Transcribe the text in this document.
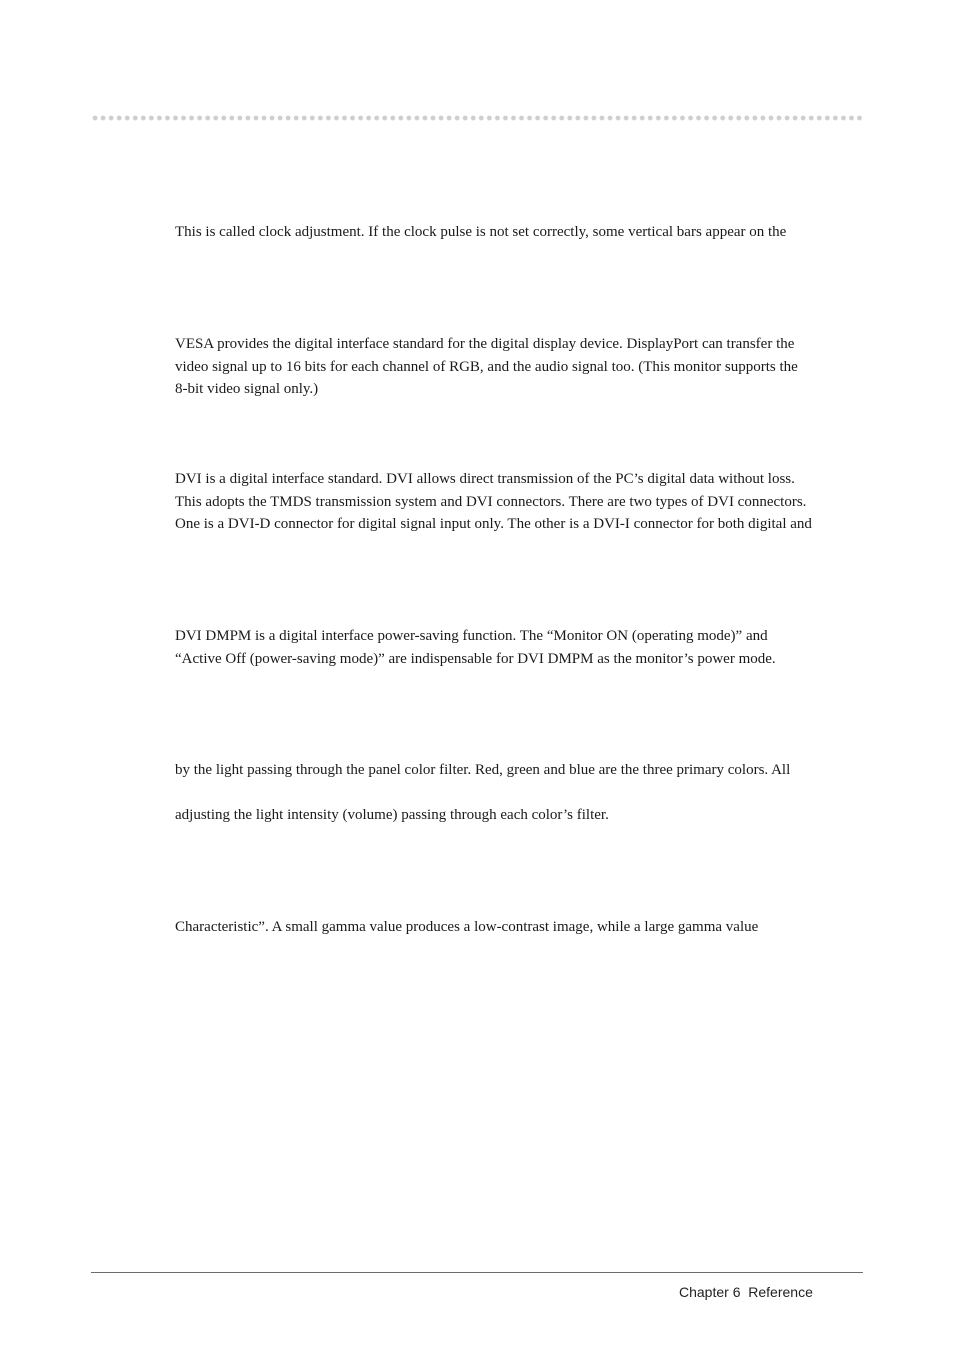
This is called clock adjustment. If the clock pulse is not set correctly, some vertical bars appear on the

VESA provides the digital interface standard for the digital display device. DisplayPort can transfer the
video signal up to 16 bits for each channel of RGB, and the audio signal too. (This monitor supports the
8-bit video signal only.)

DVI is a digital interface standard. DVI allows direct transmission of the PC’s digital data without loss.
This adopts the TMDS transmission system and DVI connectors. There are two types of DVI connectors.
One is a DVI-D connector for digital signal input only. The other is a DVI-I connector for both digital and

DVI DMPM is a digital interface power-saving function. The “Monitor ON (operating mode)” and
“Active Off (power-saving mode)” are indispensable for DVI DMPM as the monitor’s power mode.

by the light passing through the panel color filter. Red, green and blue are the three primary colors. All

adjusting the light intensity (volume) passing through each color’s filter.

Characteristic”. A small gamma value produces a low-contrast image, while a large gamma value

Chapter 6  Reference
